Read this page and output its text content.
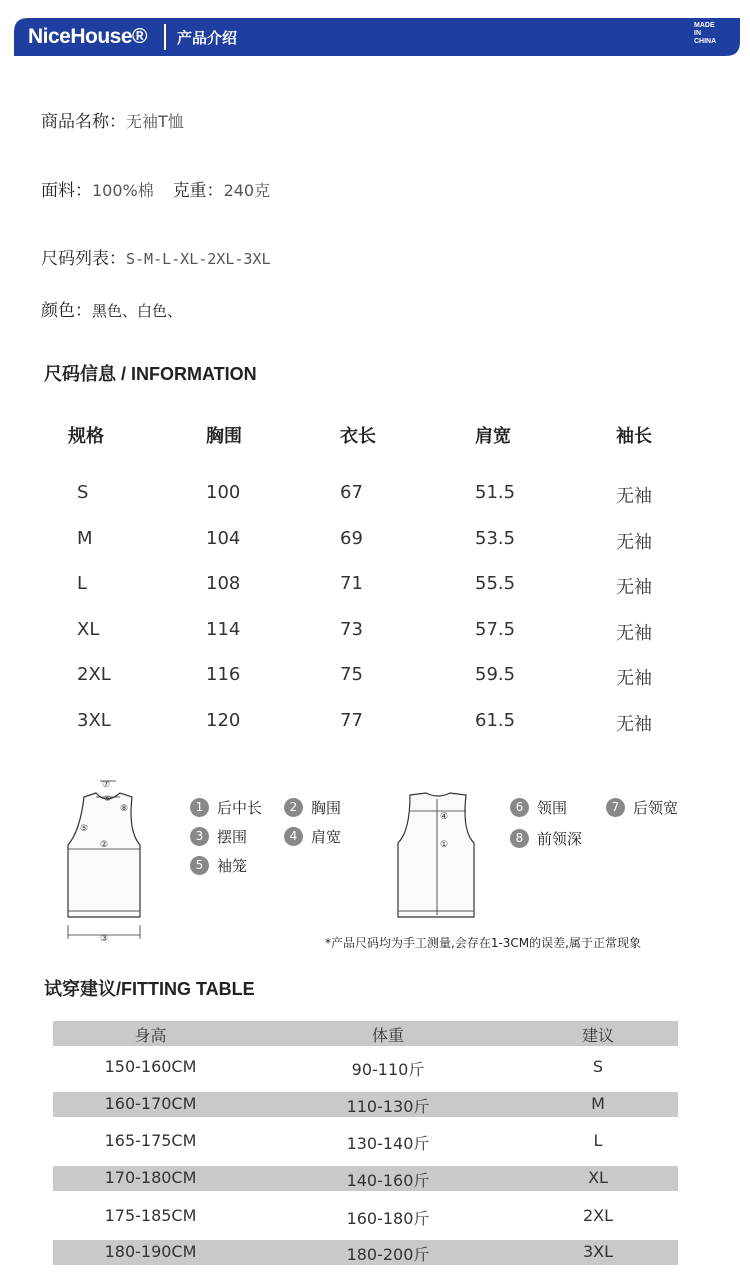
NiceHouse® 产品介绍
MADE
IN
CHINA
商品名称：无袖T恤
面料：100%棉 克重：240克
尺码列表：S-M-L-XL-2XL-3XL
颜色：黑色、白色、
尺码信息 / INFORMATION
规格	胸围	衣长	肩宽	袖长
S	100	67	51.5	无袖
M	104	69	53.5	无袖
L	108	71	55.5	无袖
XL	114	73	57.5	无袖
2XL	116	75	59.5	无袖
3XL	120	77	61.5	无袖
⑦
⑥
⑧
⑤
②
③
1 后中长	2 胸围
3 摆围	4 肩宽
5 袖笼
④
①
6 领围	7 后领宽
8 前领深
*产品尺码均为手工测量,会存在1-3CM的误差,属于正常现象
试穿建议/FITTING TABLE
身高	体重	建议
150-160CM	90-110斤	S
160-170CM	110-130斤	M
165-175CM	130-140斤	L
170-180CM	140-160斤	XL
175-185CM	160-180斤	2XL
180-190CM	180-200斤	3XL
